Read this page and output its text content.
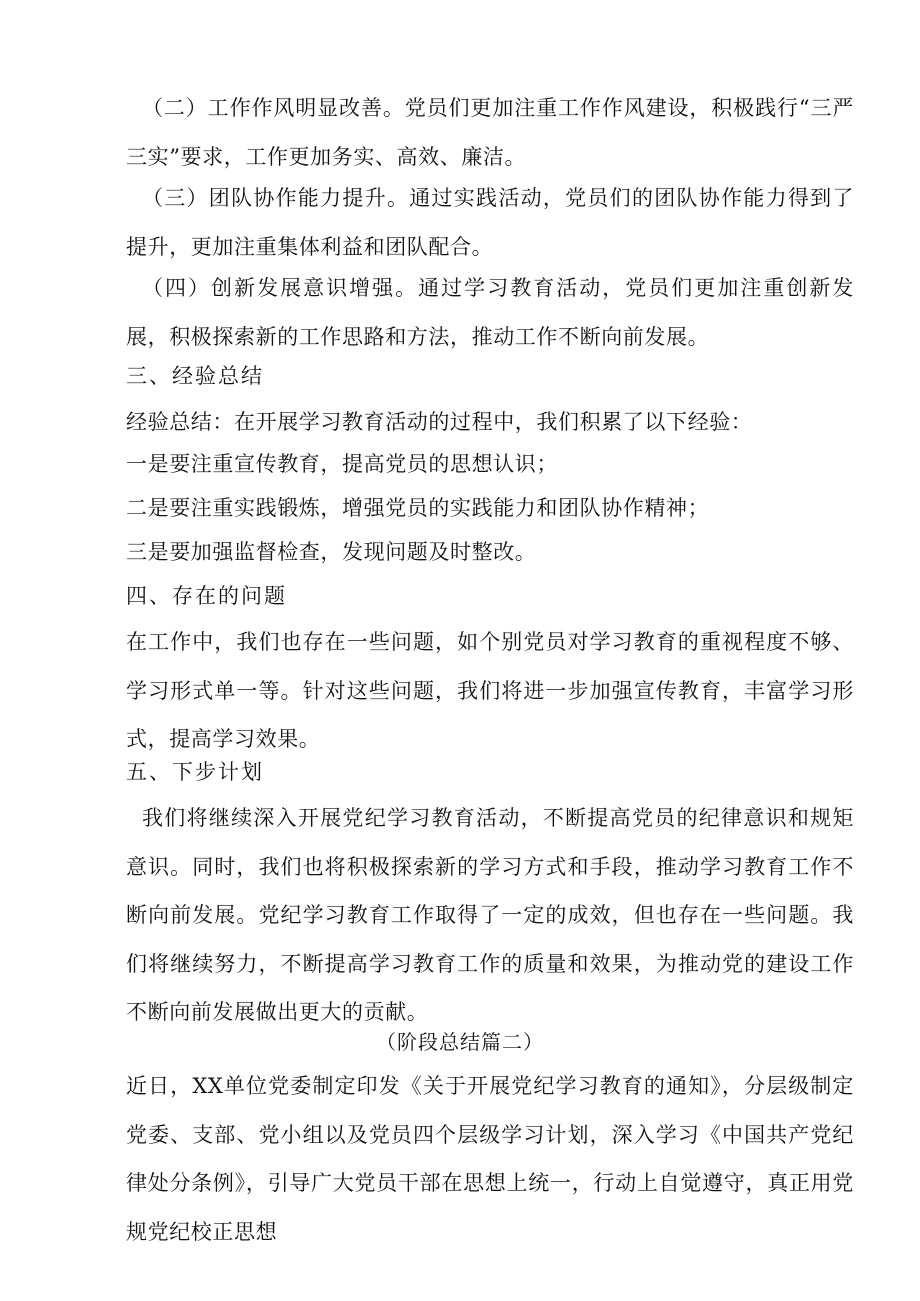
（二）工作作风明显改善。党员们更加注重工作作风建设，积极践行“三严三实”要求，工作更加务实、高效、廉洁。

（三）团队协作能力提升。通过实践活动，党员们的团队协作能力得到了提升，更加注重集体利益和团队配合。

（四）创新发展意识增强。通过学习教育活动，党员们更加注重创新发展，积极探索新的工作思路和方法，推动工作不断向前发展。

三、经验总结

经验总结：在开展学习教育活动的过程中，我们积累了以下经验：

一是要注重宣传教育，提高党员的思想认识；

二是要注重实践锻炼，增强党员的实践能力和团队协作精神；

三是要加强监督检查，发现问题及时整改。

四、存在的问题

在工作中，我们也存在一些问题，如个别党员对学习教育的重视程度不够、学习形式单一等。针对这些问题，我们将进一步加强宣传教育，丰富学习形式，提高学习效果。

五、下步计划

我们将继续深入开展党纪学习教育活动，不断提高党员的纪律意识和规矩意识。同时，我们也将积极探索新的学习方式和手段，推动学习教育工作不断向前发展。党纪学习教育工作取得了一定的成效，但也存在一些问题。我们将继续努力，不断提高学习教育工作的质量和效果，为推动党的建设工作不断向前发展做出更大的贡献。

（阶段总结篇二）

近日，XX单位党委制定印发《关于开展党纪学习教育的通知》，分层级制定党委、支部、党小组以及党员四个层级学习计划，深入学习《中国共产党纪律处分条例》，引导广大党员干部在思想上统一，行动上自觉遵守，真正用党规党纪校正思想
